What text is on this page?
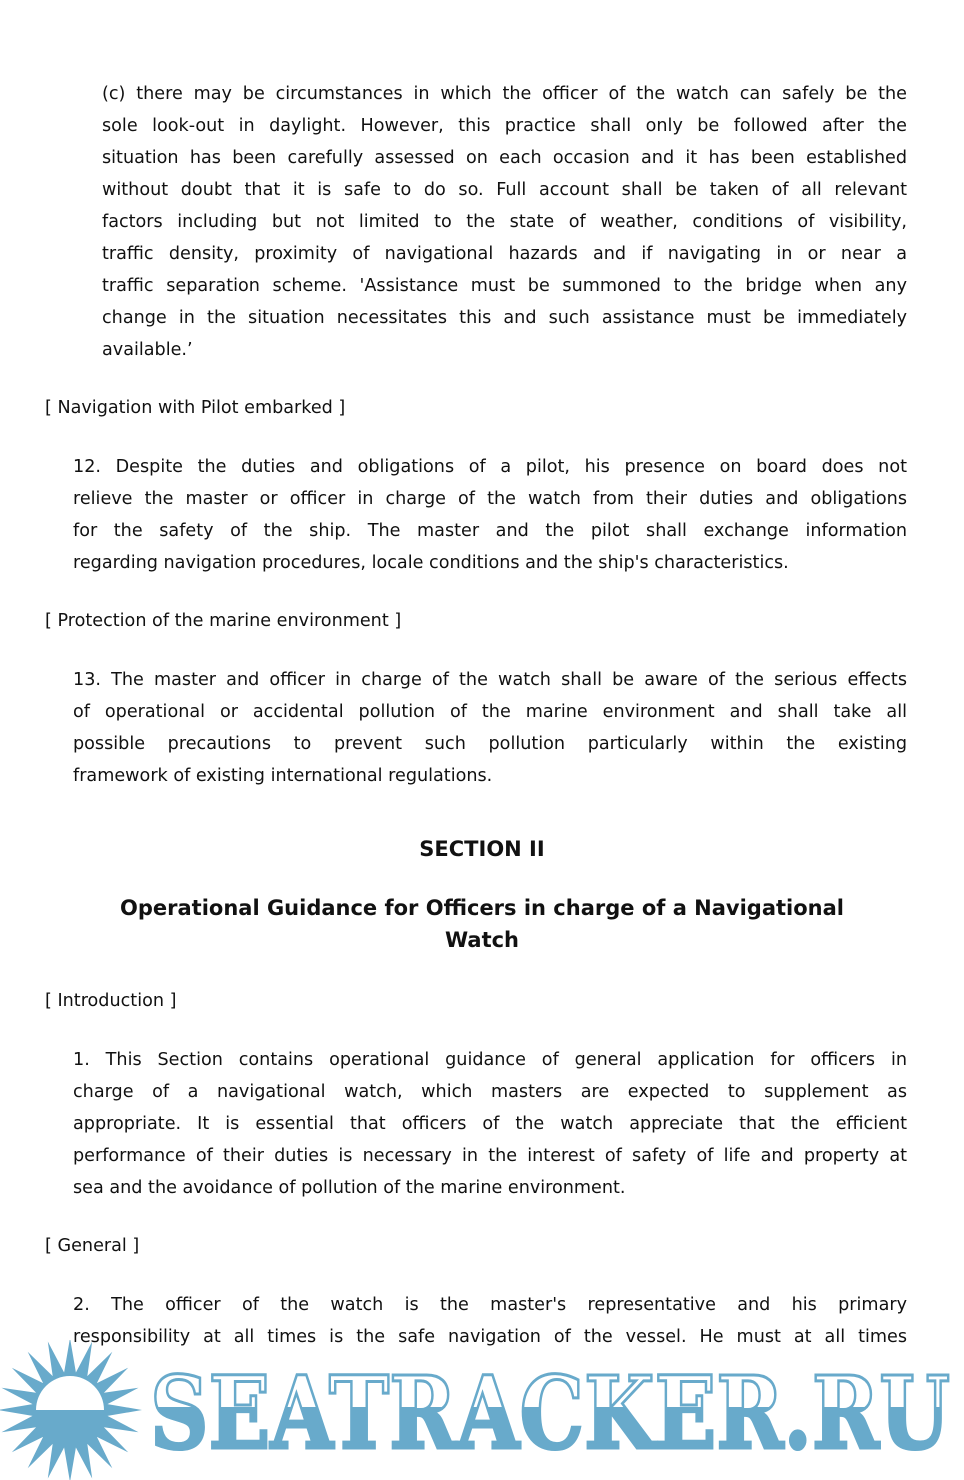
(c) there may be circumstances in which the officer of the watch can safely be the
sole look-out in daylight. However, this practice shall only be followed after the
situation has been carefully assessed on each occasion and it has been established
without doubt that it is safe to do so. Full account shall be taken of all relevant
factors including but not limited to the state of weather, conditions of visibility,
traffic density, proximity of navigational hazards and if navigating in or near a
traffic separation scheme. 'Assistance must be summoned to the bridge when any
change in the situation necessitates this and such assistance must be immediately
available.’
[ Navigation with Pilot embarked ]
12. Despite the duties and obligations of a pilot, his presence on board does not
relieve the master or officer in charge of the watch from their duties and obligations
for the safety of the ship. The master and the pilot shall exchange information
regarding navigation procedures, locale conditions and the ship's characteristics.
[ Protection of the marine environment ]
13. The master and officer in charge of the watch shall be aware of the serious effects
of operational or accidental pollution of the marine environment and shall take all
possible precautions to prevent such pollution particularly within the existing
framework of existing international regulations.
SECTION II
Operational Guidance for Officers in charge of a Navigational
Watch
[ Introduction ]
1. This Section contains operational guidance of general application for officers in
charge of a navigational watch, which masters are expected to supplement as
appropriate. It is essential that officers of the watch appreciate that the efficient
performance of their duties is necessary in the interest of safety of life and property at
sea and the avoidance of pollution of the marine environment.
[ General ]
2. The officer of the watch is the master's representative and his primary
responsibility at all times is the safe navigation of the vessel. He must at all times
SEATRACKER.RU
